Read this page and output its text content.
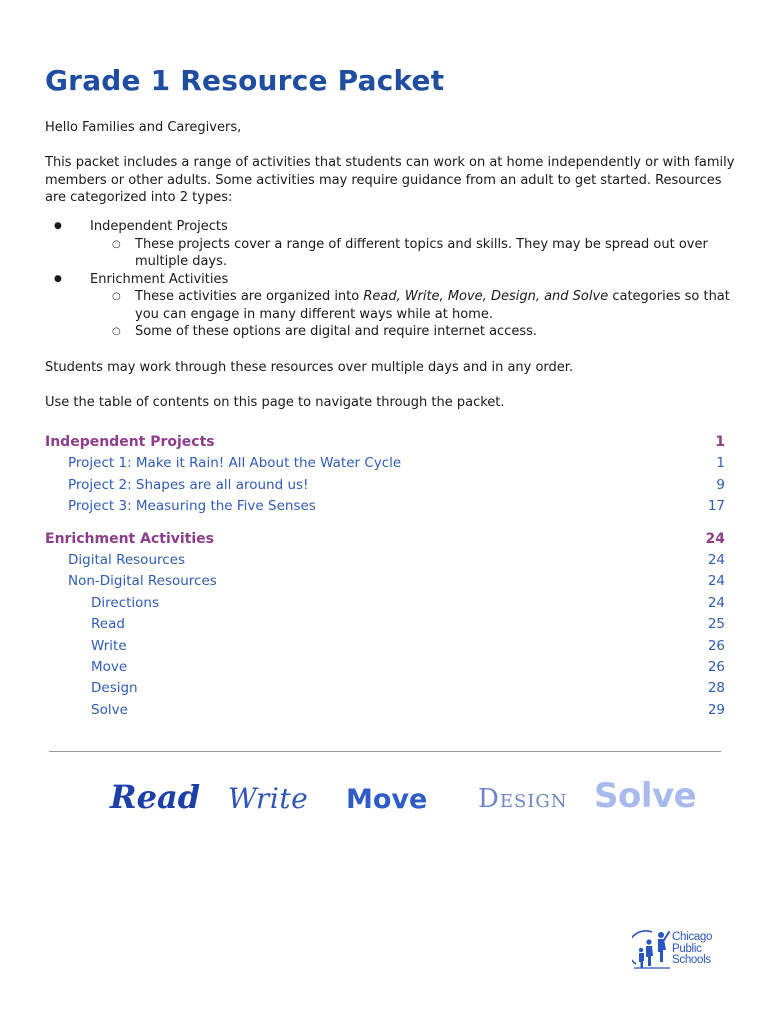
Grade 1 Resource Packet
Hello Families and Caregivers,

This packet includes a range of activities that students can work on at home independently or with family members or other adults. Some activities may require guidance from an adult to get started. Resources are categorized into 2 types:

● Independent Projects
○ These projects cover a range of different topics and skills. They may be spread out over multiple days.
● Enrichment Activities
○ These activities are organized into Read, Write, Move, Design, and Solve categories so that you can engage in many different ways while at home.
○ Some of these options are digital and require internet access.
Students may work through these resources over multiple days and in any order.
Use the table of contents on this page to navigate through the packet.
Independent Projects	1
Project 1: Make it Rain! All About the Water Cycle	1
Project 2: Shapes are all around us!	9
Project 3: Measuring the Five Senses	17
Enrichment Activities	24
Digital Resources	24
Non-Digital Resources	24
Directions	24
Read	25
Write	26
Move	26
Design	28
Solve	29
Read Write Move Design Solve
Chicago
Public
Schools
